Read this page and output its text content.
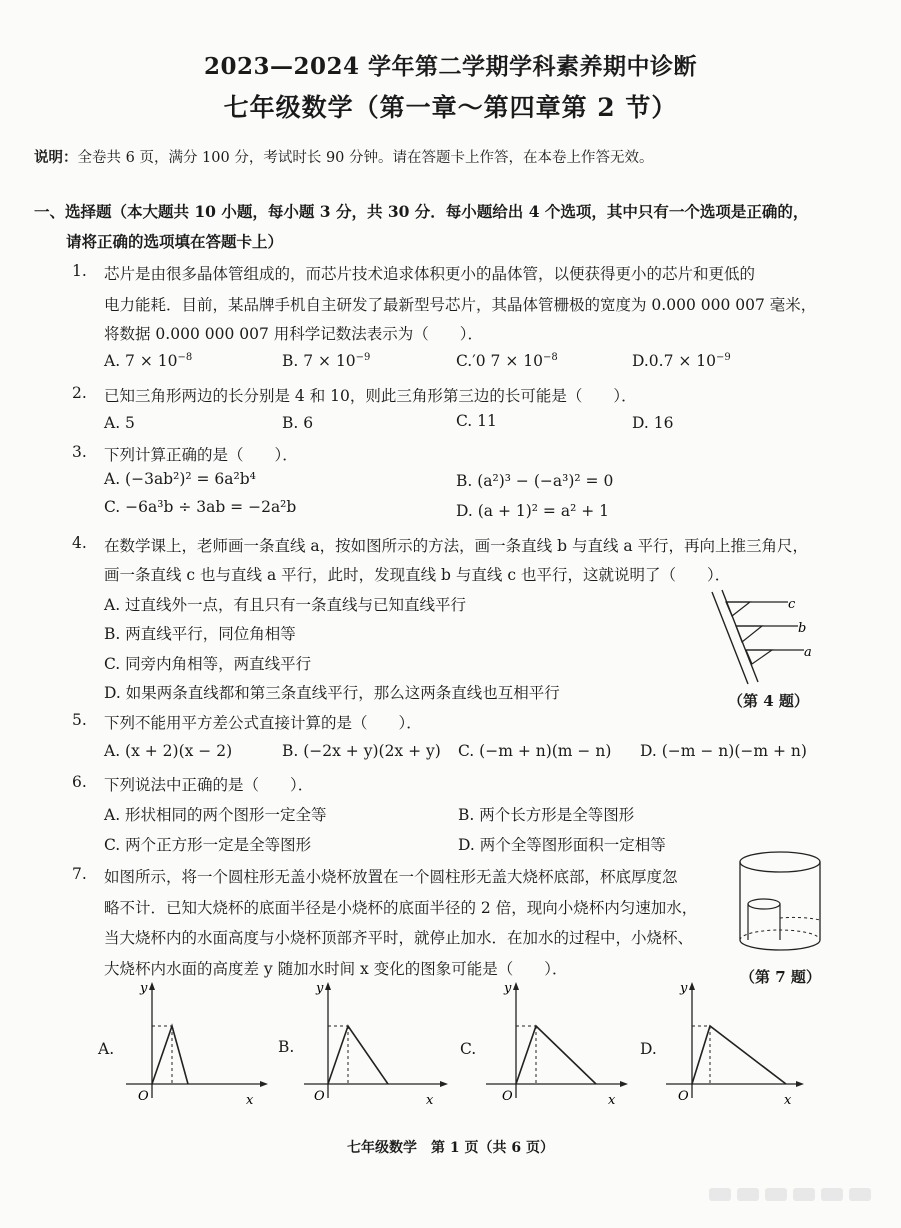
2023—2024 学年第二学期学科素养期中诊断
七年级数学（第一章～第四章第 2 节）
说明：全卷共 6 页，满分 100 分，考试时长 90 分钟。请在答题卡上作答，在本卷上作答无效。
一、选择题（本大题共 10 小题，每小题 3 分，共 30 分．每小题给出 4 个选项，其中只有一个选项是正确的，
请将正确的选项填在答题卡上）
1. 芯片是由很多晶体管组成的，而芯片技术追求体积更小的晶体管，以便获得更小的芯片和更低的
电力能耗．目前，某品牌手机自主研发了最新型号芯片，其晶体管栅极的宽度为 0.000 000 007 毫米，
将数据 0.000 000 007 用科学记数法表示为（　　）．
A. $7 \times 10^{-8}$	B. $7 \times 10^{-9}$	C.′0 $7 \times 10^{-8}$	$D.0.7 \times 10^{-9}$
2. 已知三角形两边的长分别是 4 和 10，则此三角形第三边的长可能是（　　）．
A. 5	B. 6	C. 11	D. 16
3. 下列计算正确的是（　　）．
A. (−3ab²)² = 6a²b⁴	B. (a²)³ − (−a³)² = 0
C. −6a³b ÷ 3ab = −2a²b	D. (a + 1)² = a² + 1
4. 在数学课上，老师画一条直线 a，按如图所示的方法，画一条直线 b 与直线 a 平行，再向上推三角尺，
画一条直线 c 也与直线 a 平行，此时，发现直线 b 与直线 c 也平行，这就说明了（　　）．
A. 过直线外一点，有且只有一条直线与已知直线平行
B. 两直线平行，同位角相等
C. 同旁内角相等，两直线平行
D. 如果两条直线都和第三条直线平行，那么这两条直线也互相平行
c
b
a
（第 4 题）
5. 下列不能用平方差公式直接计算的是（　　）．
A. (x + 2)(x − 2)	B. (−2x + y)(2x + y) C. (−m + n)(m − n) D. (−m − n)(−m + n)
6. 下列说法中正确的是（　　）．
A. 形状相同的两个图形一定全等	B. 两个长方形是全等图形
C. 两个正方形一定是全等图形	D. 两个全等图形面积一定相等
7. 如图所示，将一个圆柱形无盖小烧杯放置在一个圆柱形无盖大烧杯底部，杯底厚度忽
略不计．已知大烧杯的底面半径是小烧杯的底面半径的 2 倍，现向小烧杯内匀速加水，
当大烧杯内的水面高度与小烧杯顶部齐平时，就停止加水．在加水的过程中，小烧杯、
大烧杯内水面的高度差 y 随加水时间 x 变化的图象可能是（　　）．	（第 7 题）
A.
y
O	x
B.
y
O	x
C.
y
O	x
D.
y
O	x
七年级数学　第 1 页（共 6 页）
